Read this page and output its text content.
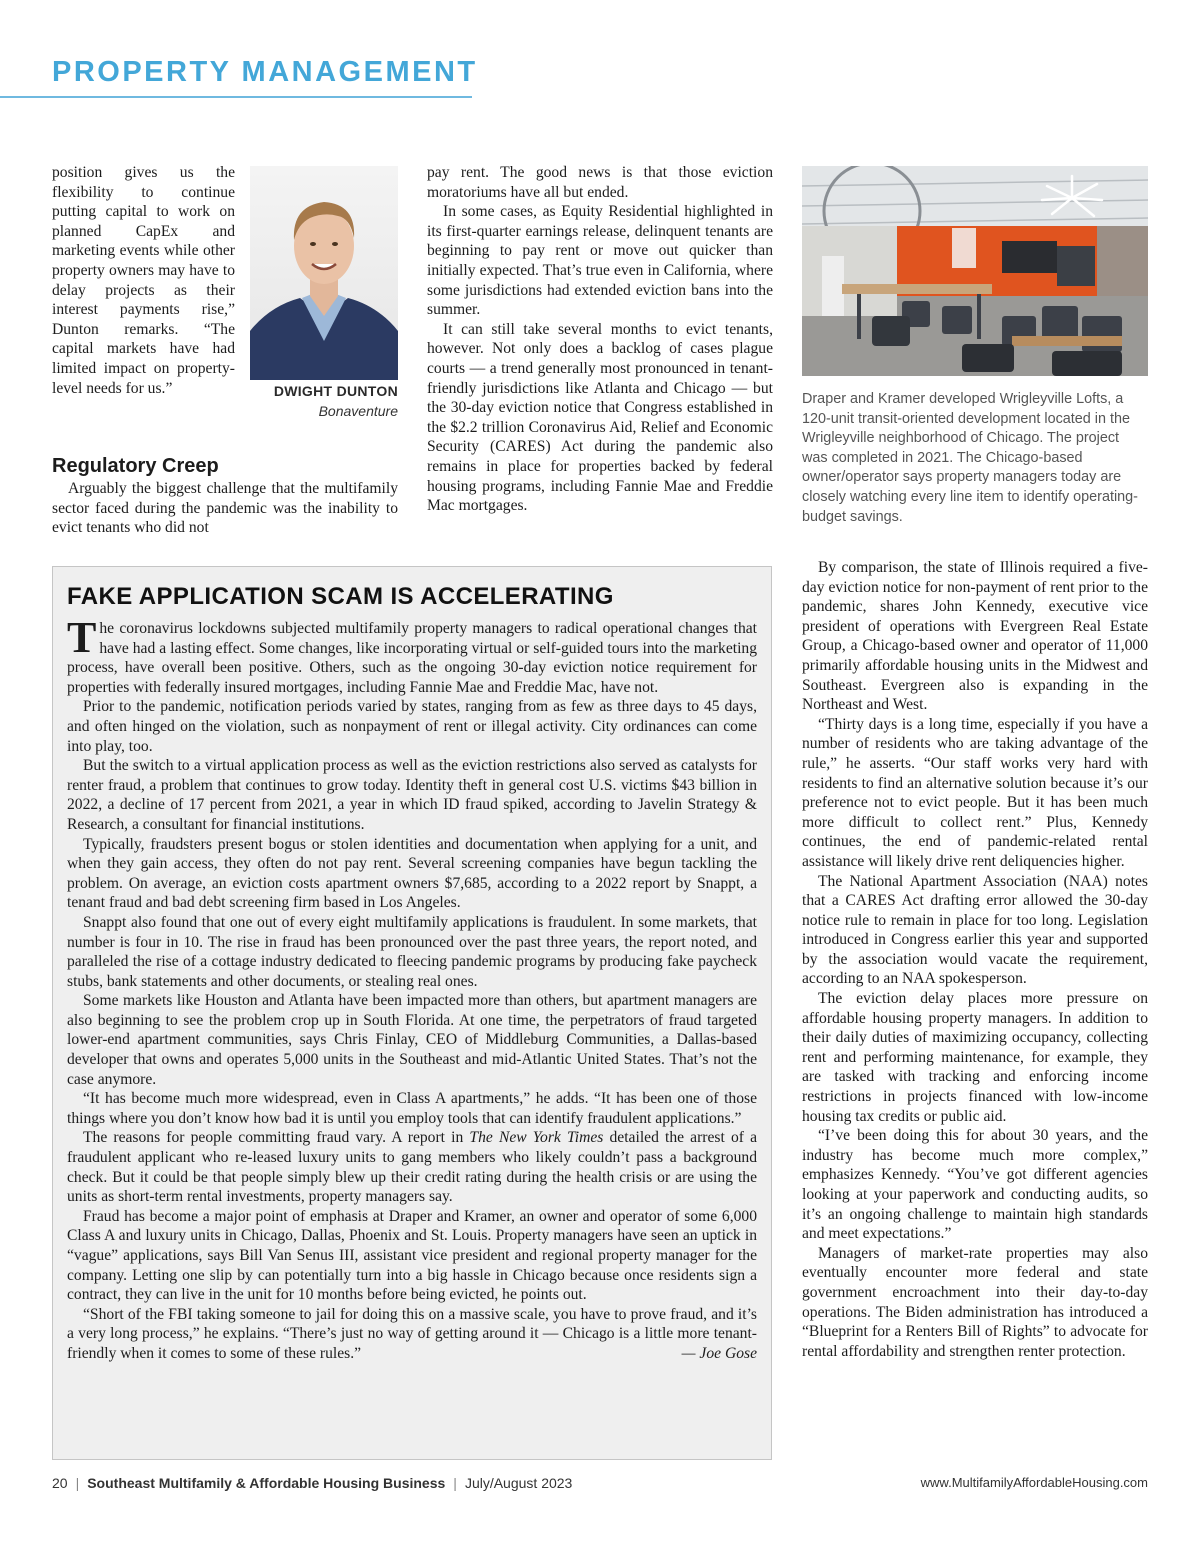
PROPERTY MANAGEMENT

position gives us the flexibility to continue putting capital to work on planned CapEx and marketing events while other property owners may have to delay projects as their interest payments rise,” Dunton remarks. “The capital markets have had limited impact on property-level needs for us.”	DWIGHT DUNTON
Bonaventure
Regulatory Creep

Arguably the biggest challenge that the multifamily sector faced during the pandemic was the inability to evict tenants who did not

pay rent. The good news is that those eviction moratoriums have all but ended.

In some cases, as Equity Residential highlighted in its first-quarter earnings release, delinquent tenants are beginning to pay rent or move out quicker than initially expected. That’s true even in California, where some jurisdictions had extended eviction bans into the summer.

It can still take several months to evict tenants, however. Not only does a backlog of cases plague courts — a trend generally most pronounced in tenant-friendly jurisdictions like Atlanta and Chicago — but the 30-day eviction notice that Congress established in the $2.2 trillion Coronavirus Aid, Relief and Economic Security (CARES) Act during the pandemic also remains in place for properties backed by federal housing programs, including Fannie Mae and Freddie Mac mortgages.

Draper and Kramer developed Wrigleyville Lofts, a 120-unit transit-oriented development located in the Wrigleyville neighborhood of Chicago. The project was completed in 2021. The Chicago-based owner/operator says property managers today are closely watching every line item to identify operating-budget savings.

By comparison, the state of Illinois required a five-day eviction notice for non-payment of rent prior to the pandemic, shares John Kennedy, executive vice president of operations with Evergreen Real Estate Group, a Chicago-based owner and operator of 11,000 primarily affordable housing units in the Midwest and Southeast. Evergreen also is expanding in the Northeast and West.

“Thirty days is a long time, especially if you have a number of residents who are taking advantage of the rule,” he asserts. “Our staff works very hard with residents to find an alternative solution because it’s our preference not to evict people. But it has been much more difficult to collect rent.” Plus, Kennedy continues, the end of pandemic-related rental assistance will likely drive rent deliquencies higher.

The National Apartment Association (NAA) notes that a CARES Act drafting error allowed the 30-day notice rule to remain in place for too long. Legislation introduced in Congress earlier this year and supported by the association would vacate the requirement, according to an NAA spokesperson.

The eviction delay places more pressure on affordable housing property managers. In addition to their daily duties of maximizing occupancy, collecting rent and performing maintenance, for example, they are tasked with tracking and enforcing income restrictions in projects financed with low-income housing tax credits or public aid.

“I’ve been doing this for about 30 years, and the industry has become much more complex,” emphasizes Kennedy. “You’ve got different agencies looking at your paperwork and conducting audits, so it’s an ongoing challenge to maintain high standards and meet expectations.”

Managers of market-rate properties may also eventually encounter more federal and state government encroachment into their day-to-day operations. The Biden administration has introduced a “Blueprint for a Renters Bill of Rights” to advocate for rental affordability and strengthen renter protection.

FAKE APPLICATION SCAM IS ACCELERATING

The coronavirus lockdowns subjected multifamily property managers to radical operational changes that have had a lasting effect. Some changes, like incorporating virtual or self-guided tours into the marketing process, have overall been positive. Others, such as the ongoing 30-day eviction notice requirement for properties with federally insured mortgages, including Fannie Mae and Freddie Mac, have not.

Prior to the pandemic, notification periods varied by states, ranging from as few as three days to 45 days, and often hinged on the violation, such as nonpayment of rent or illegal activity. City ordinances can come into play, too.

But the switch to a virtual application process as well as the eviction restrictions also served as catalysts for renter fraud, a problem that continues to grow today. Identity theft in general cost U.S. victims $43 billion in 2022, a decline of 17 percent from 2021, a year in which ID fraud spiked, according to Javelin Strategy & Research, a consultant for financial institutions.

Typically, fraudsters present bogus or stolen identities and documentation when applying for a unit, and when they gain access, they often do not pay rent. Several screening companies have begun tackling the problem. On average, an eviction costs apartment owners $7,685, according to a 2022 report by Snappt, a tenant fraud and bad debt screening firm based in Los Angeles.

Snappt also found that one out of every eight multifamily applications is fraudulent. In some markets, that number is four in 10. The rise in fraud has been pronounced over the past three years, the report noted, and paralleled the rise of a cottage industry dedicated to fleecing pandemic programs by producing fake paycheck stubs, bank statements and other documents, or stealing real ones.

Some markets like Houston and Atlanta have been impacted more than others, but apartment managers are also beginning to see the problem crop up in South Florida. At one time, the perpetrators of fraud targeted lower-end apartment communities, says Chris Finlay, CEO of Middleburg Communities, a Dallas-based developer that owns and operates 5,000 units in the Southeast and mid-Atlantic United States. That’s not the case anymore.

“It has become much more widespread, even in Class A apartments,” he adds. “It has been one of those things where you don’t know how bad it is until you employ tools that can identify fraudulent applications.”

The reasons for people committing fraud vary. A report in The New York Times detailed the arrest of a fraudulent applicant who re-leased luxury units to gang members who likely couldn’t pass a background check. But it could be that people simply blew up their credit rating during the health crisis or are using the units as short-term rental investments, property managers say.

Fraud has become a major point of emphasis at Draper and Kramer, an owner and operator of some 6,000 Class A and luxury units in Chicago, Dallas, Phoenix and St. Louis. Property managers have seen an uptick in “vague” applications, says Bill Van Senus III, assistant vice president and regional property manager for the company. Letting one slip by can potentially turn into a big hassle in Chicago because once residents sign a contract, they can live in the unit for 10 months before being evicted, he points out.

“Short of the FBI taking someone to jail for doing this on a massive scale, you have to prove fraud, and it’s a very long process,” he explains. “There’s just no way of getting around it — Chicago is a little more tenant-friendly when it comes to some of these rules.”	— Joe Gose

20 | Southeast Multifamily & Affordable Housing Business | July/August 2023	www.MultifamilyAffordableHousing.com
